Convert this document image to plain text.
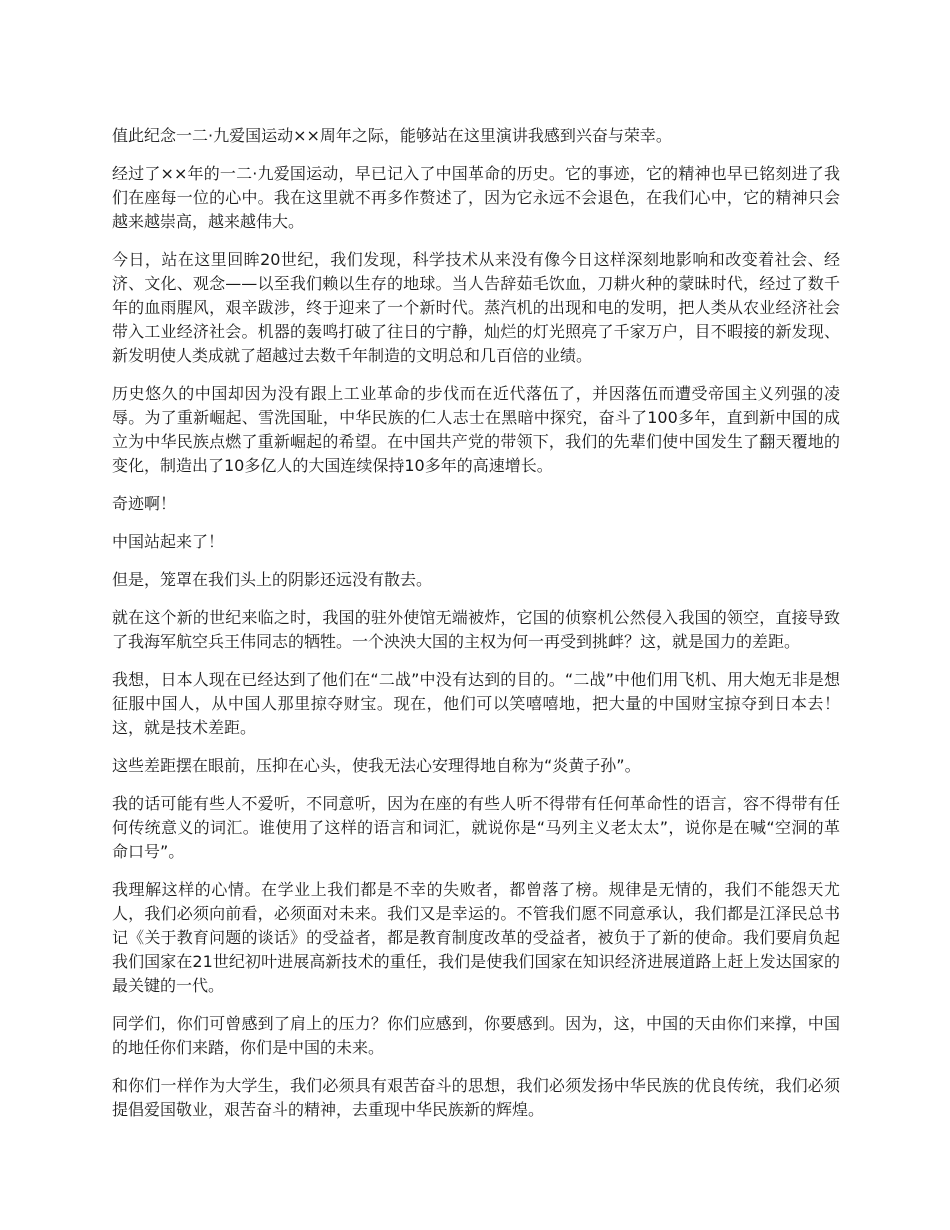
值此纪念一二·九爱国运动××周年之际，能够站在这里演讲我感到兴奋与荣幸。

经过了××年的一二·九爱国运动，早已记入了中国革命的历史。它的事迹，它的精神也早已铭刻进了我们在座每一位的心中。我在这里就不再多作赘述了，因为它永远不会退色，在我们心中，它的精神只会越来越崇高，越来越伟大。

今日，站在这里回眸20世纪，我们发现，科学技术从来没有像今日这样深刻地影响和改变着社会、经济、文化、观念——以至我们赖以生存的地球。当人告辞茹毛饮血，刀耕火种的蒙昧时代，经过了数千年的血雨腥风，艰辛跋涉，终于迎来了一个新时代。蒸汽机的出现和电的发明，把人类从农业经济社会带入工业经济社会。机器的轰鸣打破了往日的宁静，灿烂的灯光照亮了千家万户，目不暇接的新发现、新发明使人类成就了超越过去数千年制造的文明总和几百倍的业绩。

历史悠久的中国却因为没有跟上工业革命的步伐而在近代落伍了，并因落伍而遭受帝国主义列强的凌辱。为了重新崛起、雪洗国耻，中华民族的仁人志士在黑暗中探究，奋斗了100多年，直到新中国的成立为中华民族点燃了重新崛起的希望。在中国共产党的带领下，我们的先辈们使中国发生了翻天覆地的变化，制造出了10多亿人的大国连续保持10多年的高速增长。

奇迹啊！

中国站起来了！

但是，笼罩在我们头上的阴影还远没有散去。

就在这个新的世纪来临之时，我国的驻外使馆无端被炸，它国的侦察机公然侵入我国的领空，直接导致了我海军航空兵王伟同志的牺牲。一个泱泱大国的主权为何一再受到挑衅？这，就是国力的差距。

我想，日本人现在已经达到了他们在“二战”中没有达到的目的。“二战”中他们用飞机、用大炮无非是想征服中国人，从中国人那里掠夺财宝。现在，他们可以笑嘻嘻地，把大量的中国财宝掠夺到日本去！这，就是技术差距。

这些差距摆在眼前，压抑在心头，使我无法心安理得地自称为“炎黄子孙”。

我的话可能有些人不爱听，不同意听，因为在座的有些人听不得带有任何革命性的语言，容不得带有任何传统意义的词汇。谁使用了这样的语言和词汇，就说你是“马列主义老太太”，说你是在喊“空洞的革命口号”。

我理解这样的心情。在学业上我们都是不幸的失败者，都曾落了榜。规律是无情的，我们不能怨天尤人，我们必须向前看，必须面对未来。我们又是幸运的。不管我们愿不同意承认，我们都是江泽民总书记《关于教育问题的谈话》的受益者，都是教育制度改革的受益者，被负于了新的使命。我们要肩负起我们国家在21世纪初叶进展高新技术的重任，我们是使我们国家在知识经济进展道路上赶上发达国家的最关键的一代。

同学们，你们可曾感到了肩上的压力？你们应感到，你要感到。因为，这，中国的天由你们来撑，中国的地任你们来踏，你们是中国的未来。

和你们一样作为大学生，我们必须具有艰苦奋斗的思想，我们必须发扬中华民族的优良传统，我们必须提倡爱国敬业，艰苦奋斗的精神，去重现中华民族新的辉煌。
